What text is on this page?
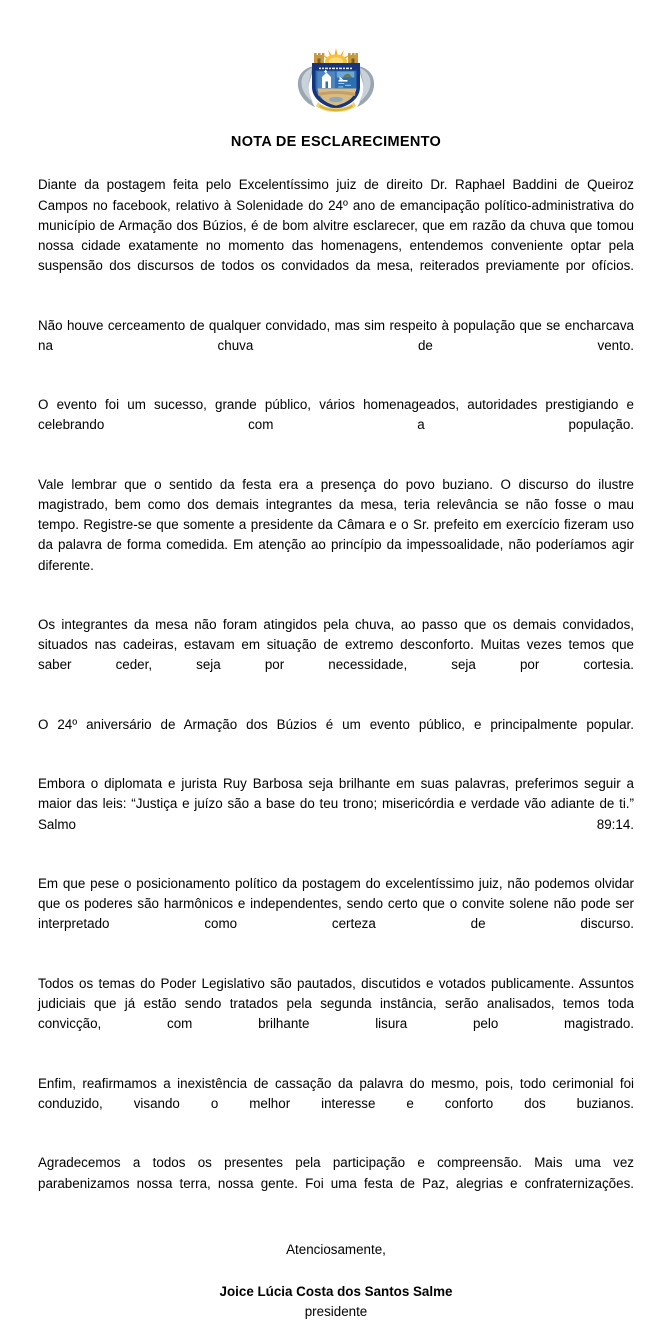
NOTA DE ESCLARECIMENTO

Diante da postagem feita pelo Excelentíssimo juiz de direito Dr. Raphael Baddini de Queiroz Campos no facebook, relativo à Solenidade do 24º ano de emancipação político-administrativa do município de Armação dos Búzios, é de bom alvitre esclarecer, que em razão da chuva que tomou nossa cidade exatamente no momento das homenagens, entendemos conveniente optar pela suspensão dos discursos de todos os convidados da mesa, reiterados previamente por ofícios.

Não houve cerceamento de qualquer convidado, mas sim respeito à população que se encharcava na chuva de vento.

O evento foi um sucesso, grande público, vários homenageados, autoridades prestigiando e celebrando com a população.

Vale lembrar que o sentido da festa era a presença do povo buziano. O discurso do ilustre magistrado, bem como dos demais integrantes da mesa, teria relevância se não fosse o mau tempo. Registre-se que somente a presidente da Câmara e o Sr. prefeito em exercício fizeram uso da palavra de forma comedida. Em atenção ao princípio da impessoalidade, não poderíamos agir diferente.

Os integrantes da mesa não foram atingidos pela chuva, ao passo que os demais convidados, situados nas cadeiras, estavam em situação de extremo desconforto. Muitas vezes temos que saber ceder, seja por necessidade, seja por cortesia.

O 24º aniversário de Armação dos Búzios é um evento público, e principalmente popular.

Embora o diplomata e jurista Ruy Barbosa seja brilhante em suas palavras, preferimos seguir a maior das leis: “Justiça e juízo são a base do teu trono; misericórdia e verdade vão adiante de ti.” Salmo 89:14.

Em que pese o posicionamento político da postagem do excelentíssimo juiz, não podemos olvidar que os poderes são harmônicos e independentes, sendo certo que o convite solene não pode ser interpretado como certeza de discurso.

Todos os temas do Poder Legislativo são pautados, discutidos e votados publicamente. Assuntos judiciais que já estão sendo tratados pela segunda instância, serão analisados, temos toda convicção, com brilhante lisura pelo magistrado.

Enfim, reafirmamos a inexistência de cassação da palavra do mesmo, pois, todo cerimonial foi conduzido, visando o melhor interesse e conforto dos buzianos.

Agradecemos a todos os presentes pela participação e compreensão. Mais uma vez parabenizamos nossa terra, nossa gente. Foi uma festa de Paz, alegrias e confraternizações.

Atenciosamente,

Joice Lúcia Costa dos Santos Salme

presidente
